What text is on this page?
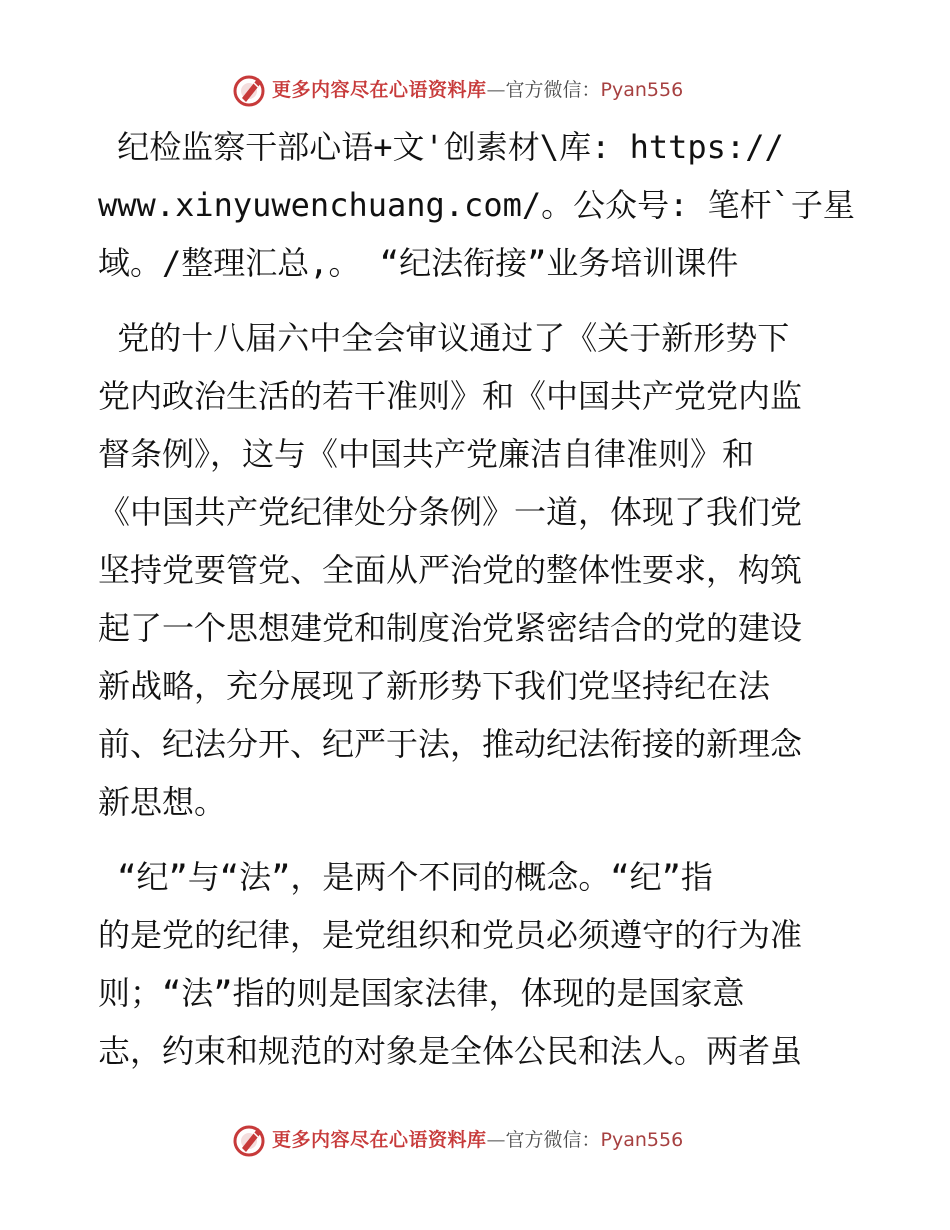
更多内容尽在心语资料库—官方微信：Pyan556
纪检监察干部心语+文'创素材\库: https://
www.xinyuwenchuang.com/。公众号: 笔杆`子星
域。/整理汇总,。 “纪法衔接”业务培训课件
党的十八届六中全会审议通过了《关于新形势下
党内政治生活的若干准则》和《中国共产党党内监
督条例》，这与《中国共产党廉洁自律准则》和
《中国共产党纪律处分条例》一道，体现了我们党
坚持党要管党、全面从严治党的整体性要求，构筑
起了一个思想建党和制度治党紧密结合的党的建设
新战略，充分展现了新形势下我们党坚持纪在法
前、纪法分开、纪严于法，推动纪法衔接的新理念
新思想。
“纪”与“法”，是两个不同的概念。“纪”指
的是党的纪律，是党组织和党员必须遵守的行为准
则；“法”指的则是国家法律，体现的是国家意
志，约束和规范的对象是全体公民和法人。两者虽
更多内容尽在心语资料库—官方微信：Pyan556
